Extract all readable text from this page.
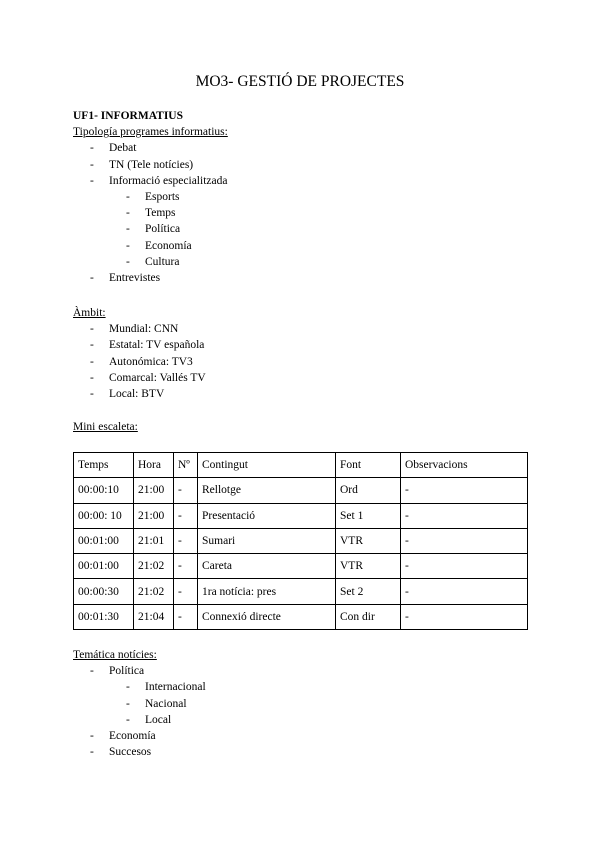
MO3- GESTIÓ DE PROJECTES

UF1- INFORMATIUS

Tipología programes informatius:

- Debat
- TN (Tele notícies)
- Informació especialitzada
- Esports
- Temps
- Política
- Economía
- Cultura
- Entrevistes

Àmbit:

- Mundial: CNN
- Estatal: TV española
- Autonómica: TV3
- Comarcal: Vallés TV
- Local: BTV

Mini escaleta:

Temps	Hora	Nº	Contingut	Font	Observacions
00:00:10	21:00	-	Rellotge	Ord	-
00:00: 10	21:00	-	Presentació	Set 1	-
00:01:00	21:01	-	Sumari	VTR	-
00:01:00	21:02	-	Careta	VTR	-
00:00:30	21:02	-	1ra notícia: pres	Set 2	-
00:01:30	21:04	-	Connexió directe	Con dir	-

Temática notícies:

- Política
- Internacional
- Nacional
- Local
- Economía
- Succesos
